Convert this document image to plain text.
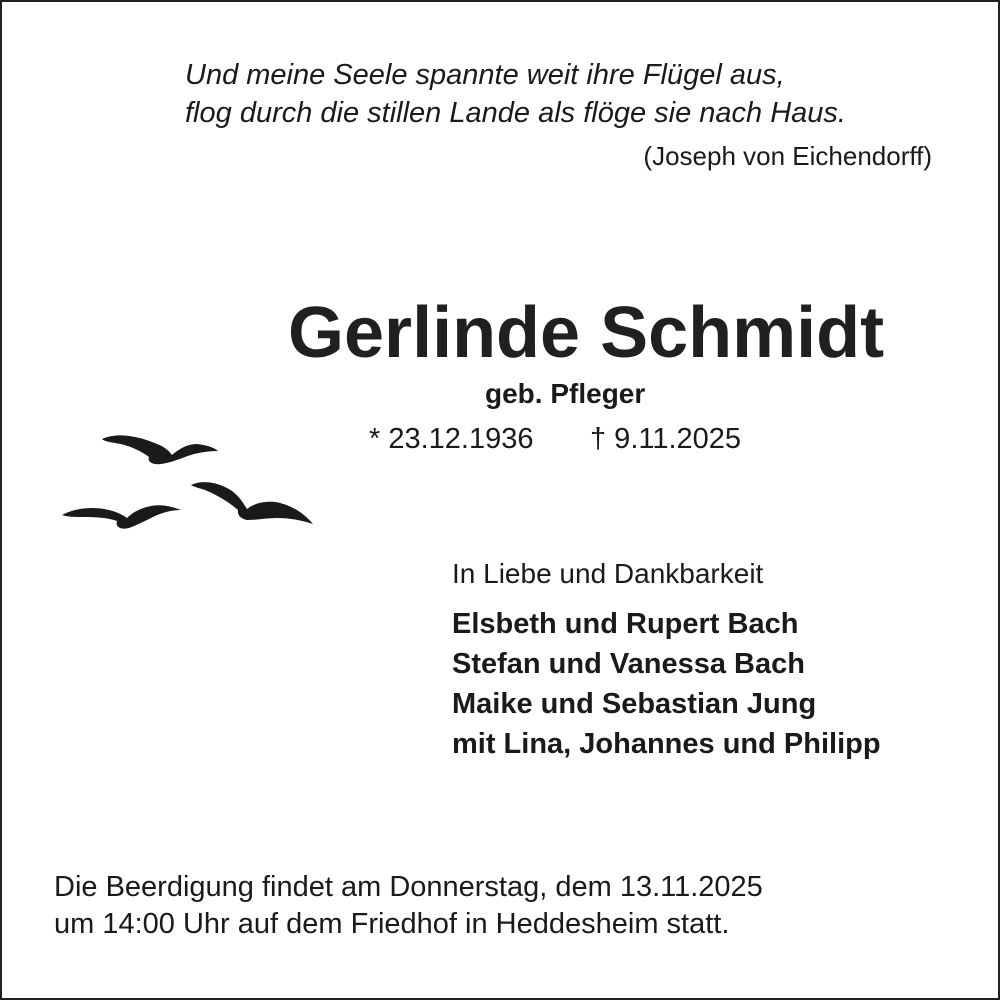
Und meine Seele spannte weit ihre Flügel aus,

flog durch die stillen Lande als flöge sie nach Haus.

(Joseph von Eichendorff)

Gerlinde Schmidt

geb. Pfleger

* 23.12.1936 † 9.11.2025

In Liebe und Dankbarkeit

Elsbeth und Rupert Bach
Stefan und Vanessa Bach
Maike und Sebastian Jung
mit Lina, Johannes und Philipp
Die Beerdigung findet am Donnerstag, dem 13.11.2025
um 14:00 Uhr auf dem Friedhof in Heddesheim statt.
